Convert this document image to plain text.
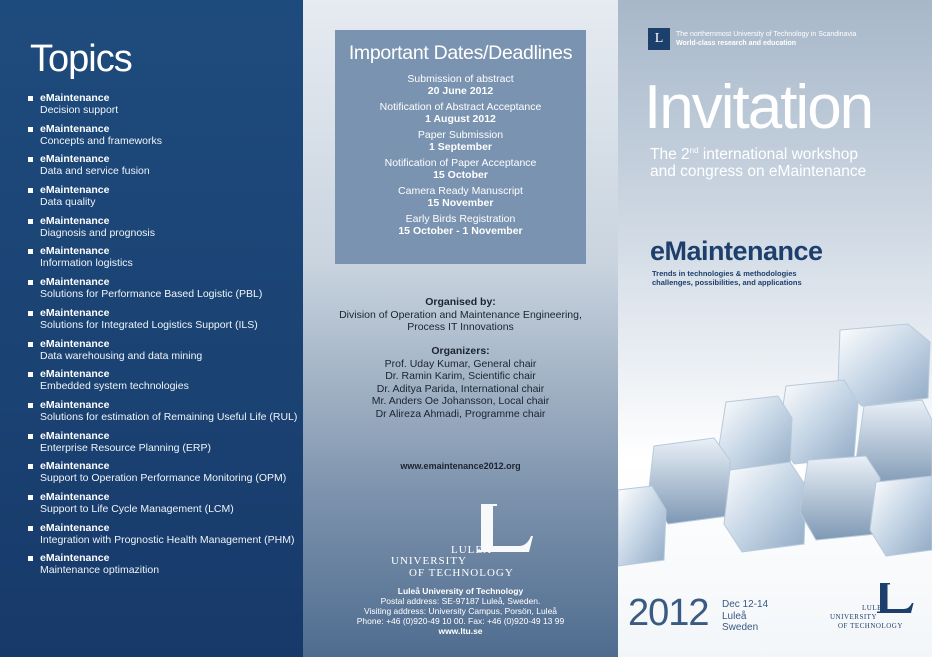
Topics
eMaintenance
Decision support
eMaintenance
Concepts and frameworks
eMaintenance
Data and service fusion
eMaintenance
Data quality
eMaintenance
Diagnosis and prognosis
eMaintenance
Information logistics
eMaintenance
Solutions for Performance Based Logistic (PBL)
eMaintenance
Solutions for Integrated Logistics Support (ILS)
eMaintenance
Data warehousing and data mining
eMaintenance
Embedded system technologies
eMaintenance
Solutions for estimation of Remaining Useful Life (RUL)
eMaintenance
Enterprise Resource Planning (ERP)
eMaintenance
Support to Operation Performance Monitoring (OPM)
eMaintenance
Support to Life Cycle Management (LCM)
eMaintenance
Integration with Prognostic Health Management (PHM)
eMaintenance
Maintenance optimazition
Important Dates/Deadlines
Submission of abstract
20 June 2012
Notification of Abstract Acceptance
1 August 2012
Paper Submission
1 September
Notification of Paper Acceptance
15 October
Camera Ready Manuscript
15 November
Early Birds Registration
15 October - 1 November
Organised by:
Division of Operation and Maintenance Engineering,
Process IT Innovations
Organizers:
Prof. Uday Kumar, General chair
Dr. Ramin Karim, Scientific chair
Dr. Aditya Parida, International chair
Mr. Anders Oe Johansson, Local chair
Dr Alireza Ahmadi, Programme chair
www.emaintenance2012.org
LULEÅ
UNIVERSITY
OF TECHNOLOGY
Luleå University of Technology
Postal address: SE-97187 Luleå, Sweden.
Visiting address: University Campus, Porsön, Luleå
Phone: +46 (0)920-49 10 00. Fax: +46 (0)920-49 13 99
www.ltu.se
L	The northernmost University of Technology in Scandinavia
World-class research and education
Invitation
The 2nd international workshop
and congress on eMaintenance
eMaintenance
Trends in technologies & methodologies
challenges, possibilities, and applications
2012 Dec 12-14
Luleå
Sweden
LULEÅ
UNIVERSITY
OF TECHNOLOGY
